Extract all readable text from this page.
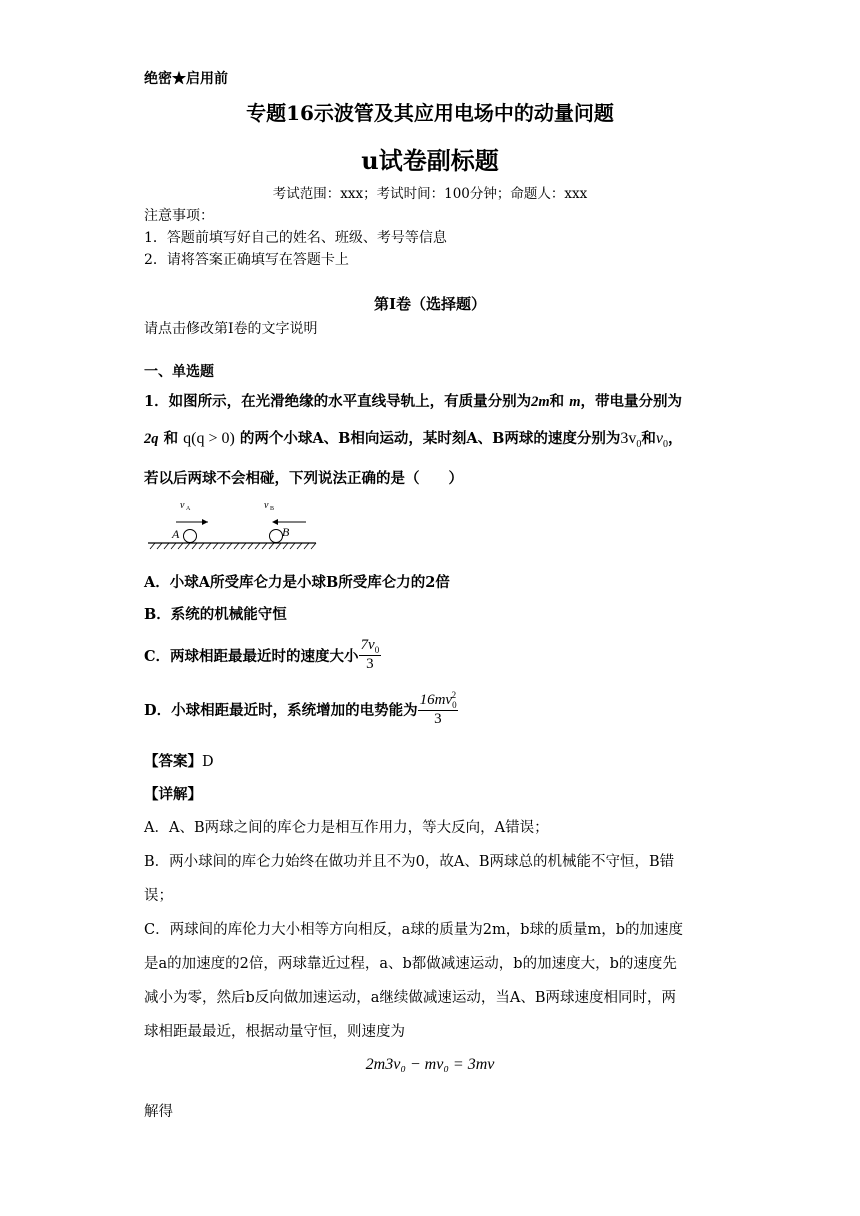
绝密★启用前
专题16示波管及其应用电场中的动量问题
u试卷副标题
考试范围：xxx；考试时间：100分钟；命题人：xxx
注意事项：
1．答题前填写好自己的姓名、班级、考号等信息
2．请将答案正确填写在答题卡上
第I卷（选择题）
请点击修改第I卷的文字说明
一、单选题
1．如图所示，在光滑绝缘的水平直线导轨上，有质量分别为2m和 m，带电量分别为
2q 和 q(q > 0) 的两个小球A、B相向运动，某时刻A、B两球的速度分别为$3v_0$和$v_0$，
若以后两球不会相碰，下列说法正确的是（　　）
v A	v B
A	B
A．小球A所受库仑力是小球B所受库仑力的2倍
B．系统的机械能守恒
C．两球相距最最近时的速度大小 $\frac{7v_0}{3}$
D．小球相距最近时，系统增加的电势能为 $\frac{16mv_0^2}{3}$
【答案】D
【详解】
A．A、B两球之间的库仑力是相互作用力，等大反向，A错误；
B．两小球间的库仑力始终在做功并且不为0，故A、B两球总的机械能不守恒，B错
误；
C．两球间的库伦力大小相等方向相反，a球的质量为2m，b球的质量m，b的加速度
是a的加速度的2倍，两球靠近过程，a、b都做减速运动，b的加速度大，b的速度先
减小为零，然后b反向做加速运动，a继续做减速运动，当A、B两球速度相同时，两
球相距最最近，根据动量守恒，则速度为
2m3v₀ − mv₀ = 3mv
解得
